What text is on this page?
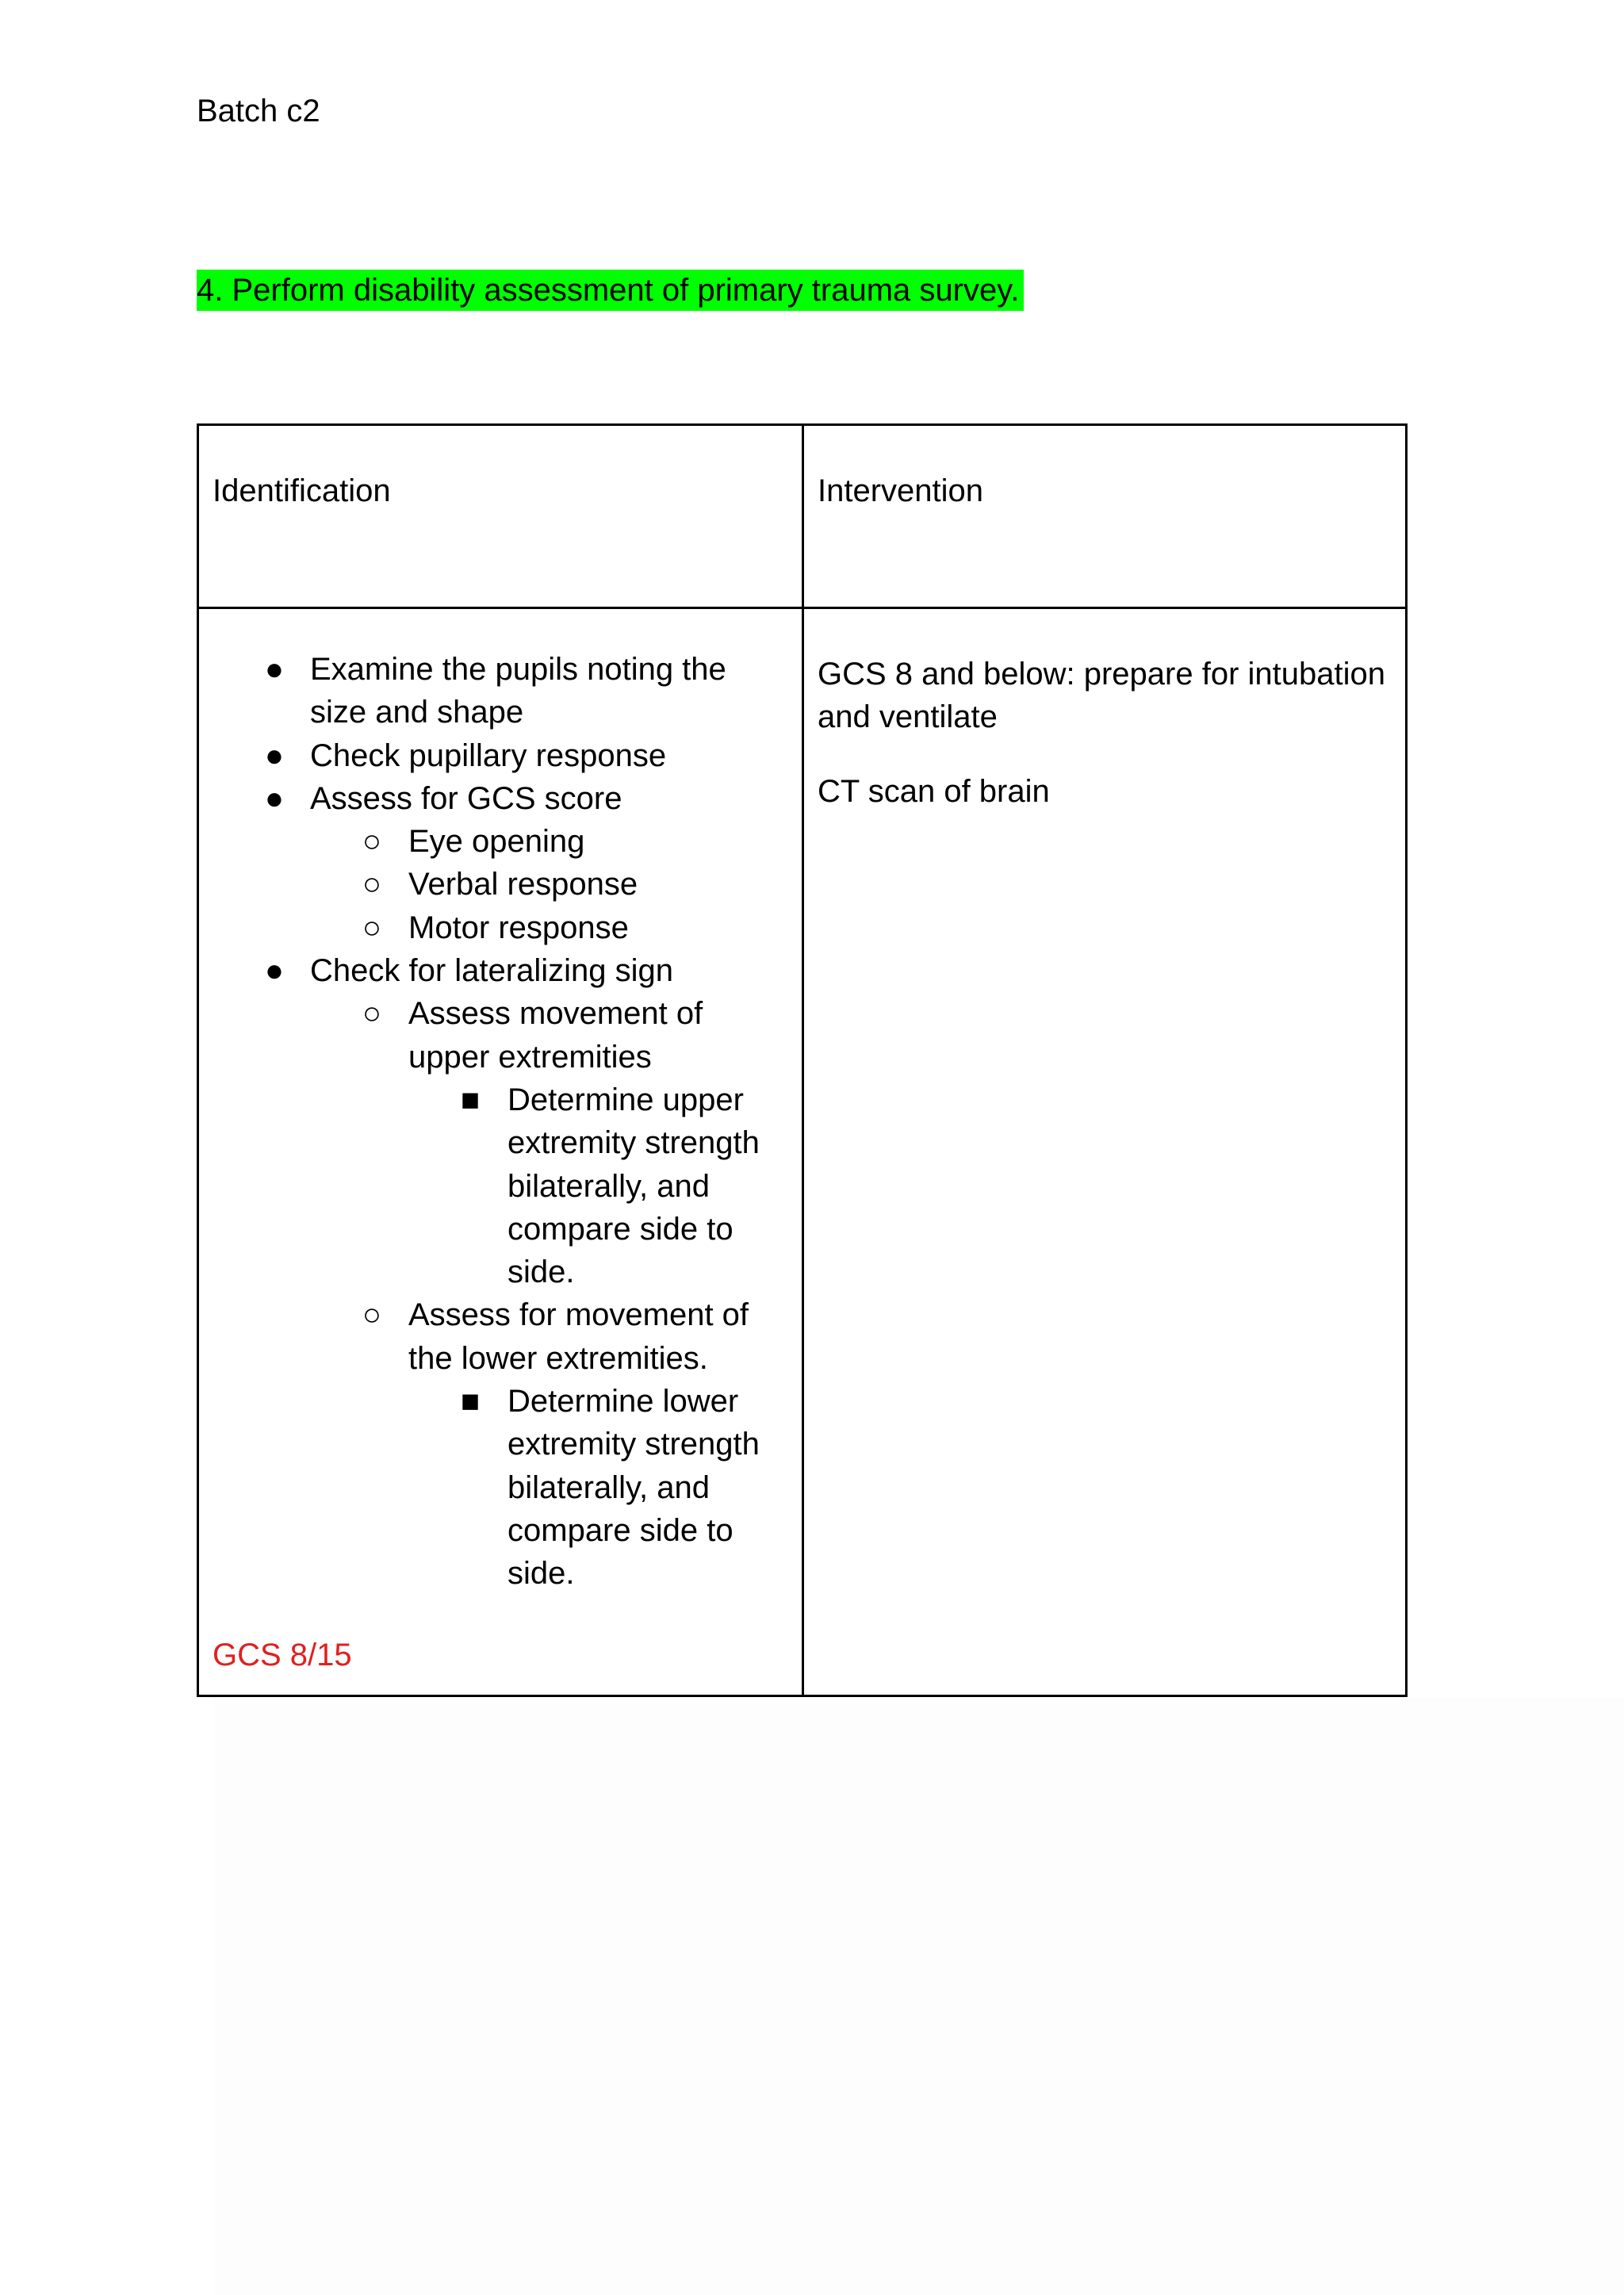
Batch c2
4. Perform disability assessment of primary trauma survey.
Identification	Intervention
● Examine the pupils noting the size and shape
● Check pupillary response
● Assess for GCS score
○ Eye opening
○ Verbal response
○ Motor response
● Check for lateralizing sign
○ Assess movement of upper extremities
■ Determine upper extremity strength bilaterally, and compare side to side.
○ Assess for movement of the lower extremities.
■ Determine lower extremity strength bilaterally, and compare side to side.
GCS 8/15

GCS 8 and below: prepare for intubation and ventilate

CT scan of brain
